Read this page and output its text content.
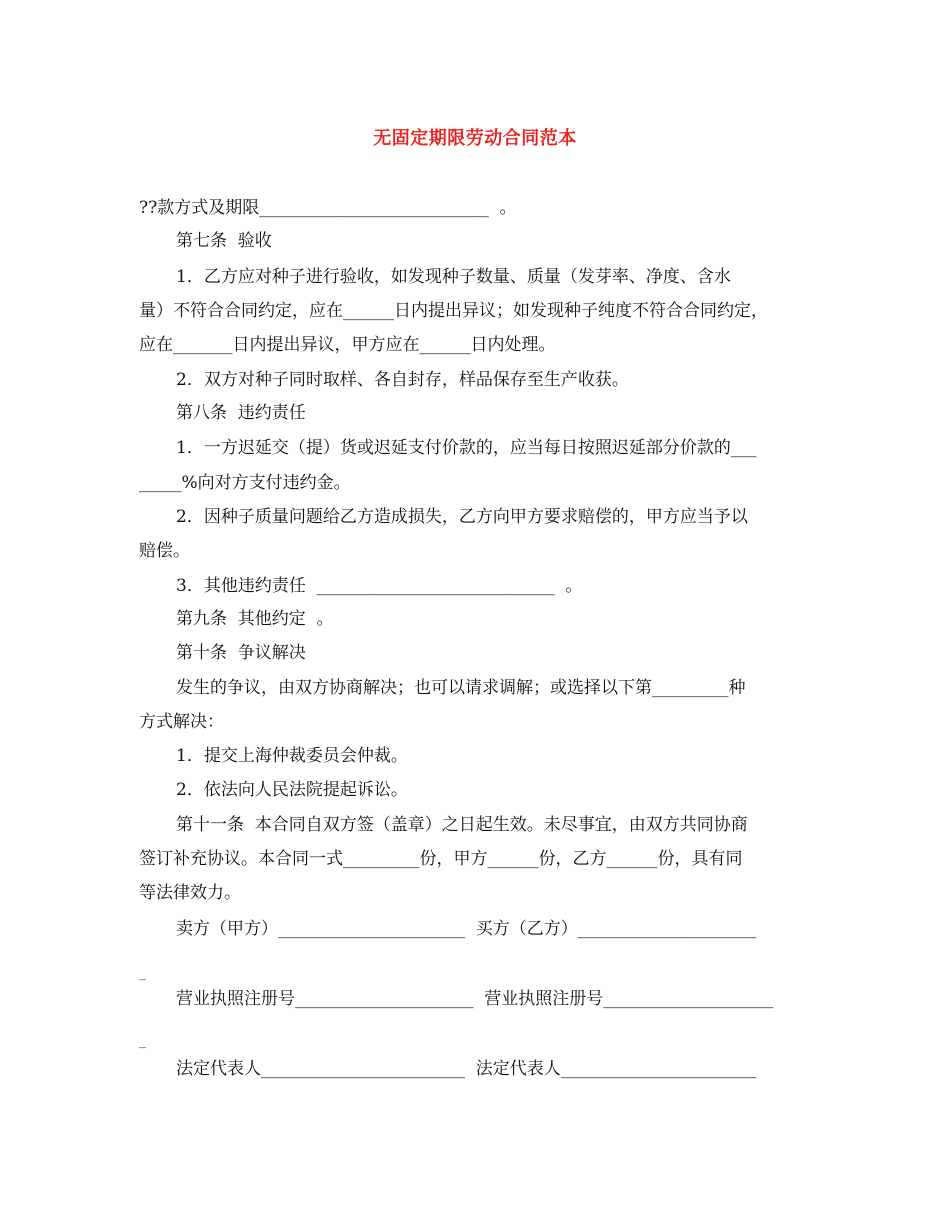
无固定期限劳动合同范本
??款方式及期限___________________________  。
第七条  验收
1．乙方应对种子进行验收，如发现种子数量、质量（发芽率、净度、含水
量）不符合合同约定，应在______日内提出异议；如发现种子纯度不符合合同约定，
应在_______日内提出异议，甲方应在______日内处理。
2．双方对种子同时取样、各自封存，样品保存至生产收获。
第八条  违约责任
1．一方迟延交（提）货或迟延支付价款的，应当每日按照迟延部分价款的___
_____%向对方支付违约金。
2．因种子质量问题给乙方造成损失，乙方向甲方要求赔偿的，甲方应当予以
赔偿。
3．其他违约责任  ____________________________  。
第九条  其他约定  。
第十条  争议解决
发生的争议，由双方协商解决；也可以请求调解；或选择以下第_________种
方式解决：
1．提交上海仲裁委员会仲裁。
2．依法向人民法院提起诉讼。
第十一条  本合同自双方签（盖章）之日起生效。未尽事宜，由双方共同协商
签订补充协议。本合同一式_________份，甲方______份，乙方______份，具有同
等法律效力。
卖方（甲方）______________________  买方（乙方）_____________________
_
营业执照注册号_____________________  营业执照注册号____________________
_
法定代表人________________________  法定代表人_______________________
